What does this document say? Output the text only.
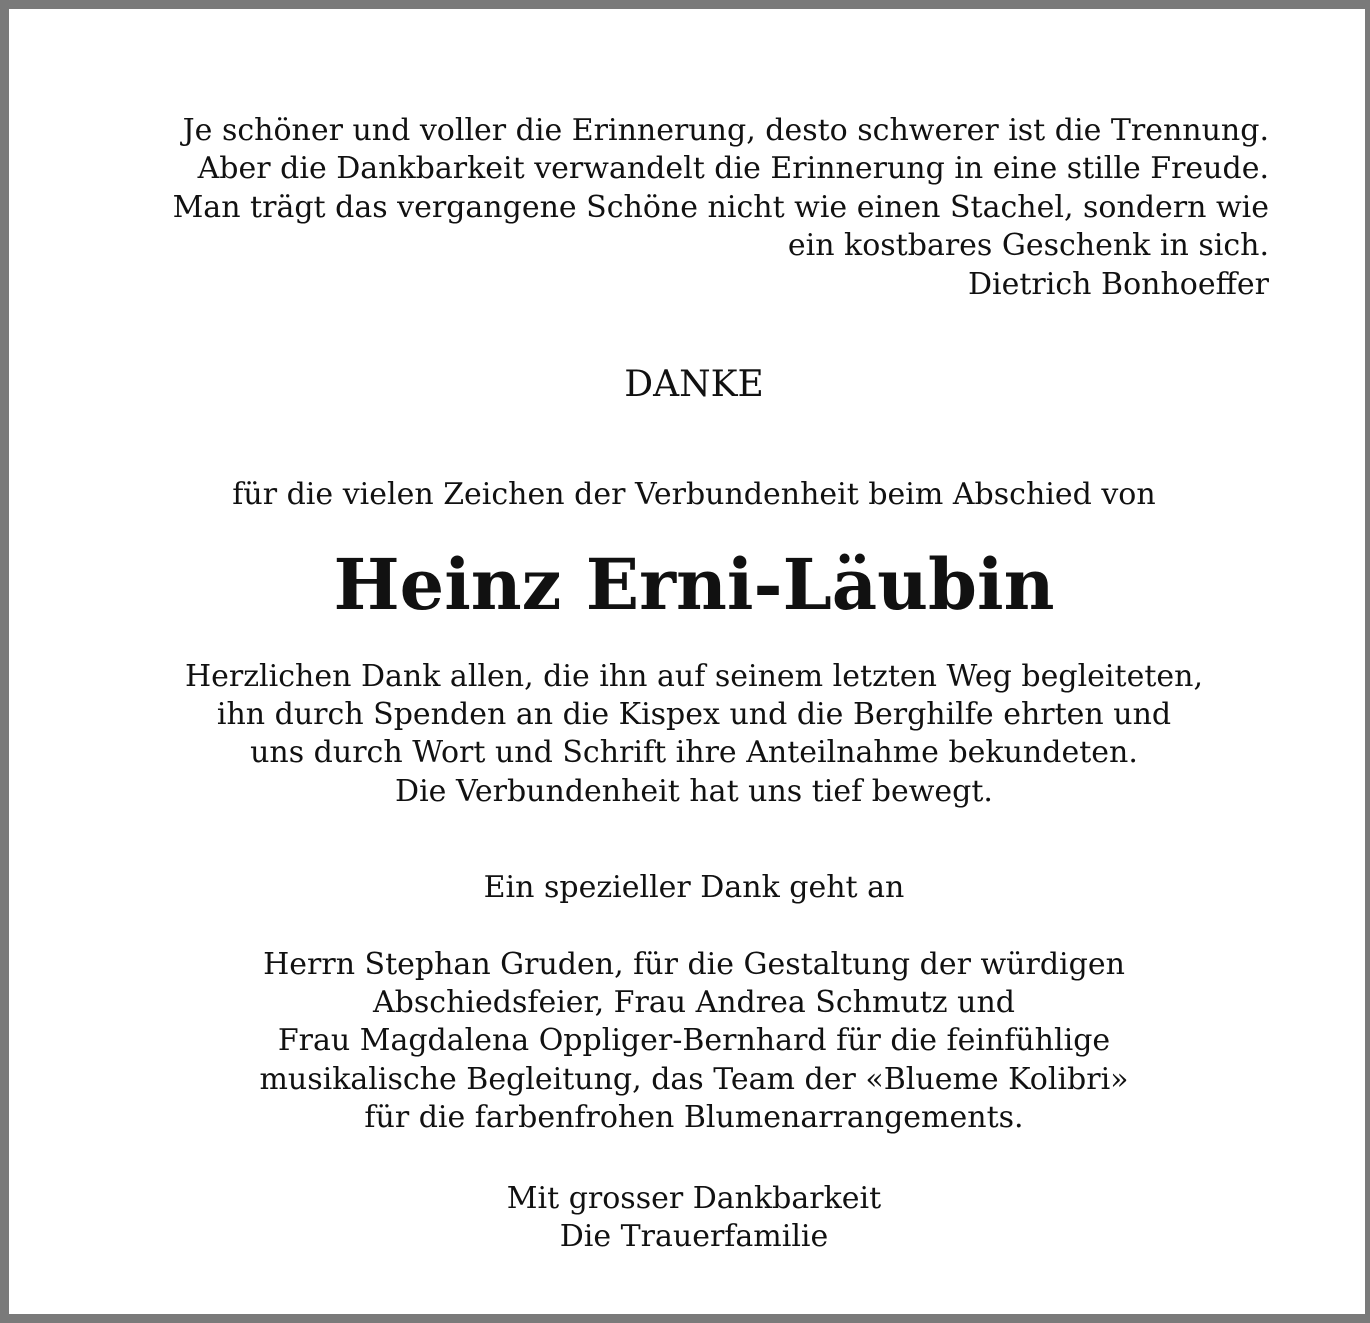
Je schöner und voller die Erinnerung, desto schwerer ist die Trennung.
Aber die Dankbarkeit verwandelt die Erinnerung in eine stille Freude.
Man trägt das vergangene Schöne nicht wie einen Stachel, sondern wie
ein kostbares Geschenk in sich.
Dietrich Bonhoeffer
DANKE
für die vielen Zeichen der Verbundenheit beim Abschied von
Heinz Erni-Läubin
Herzlichen Dank allen, die ihn auf seinem letzten Weg begleiteten,
ihn durch Spenden an die Kispex und die Berghilfe ehrten und
uns durch Wort und Schrift ihre Anteilnahme bekundeten.
Die Verbundenheit hat uns tief bewegt.
Ein spezieller Dank geht an
Herrn Stephan Gruden, für die Gestaltung der würdigen
Abschiedsfeier, Frau Andrea Schmutz und
Frau Magdalena Oppliger-Bernhard für die feinfühlige
musikalische Begleitung, das Team der «Blueme Kolibri»
für die farbenfrohen Blumenarrangements.
Mit grosser Dankbarkeit
Die Trauerfamilie
